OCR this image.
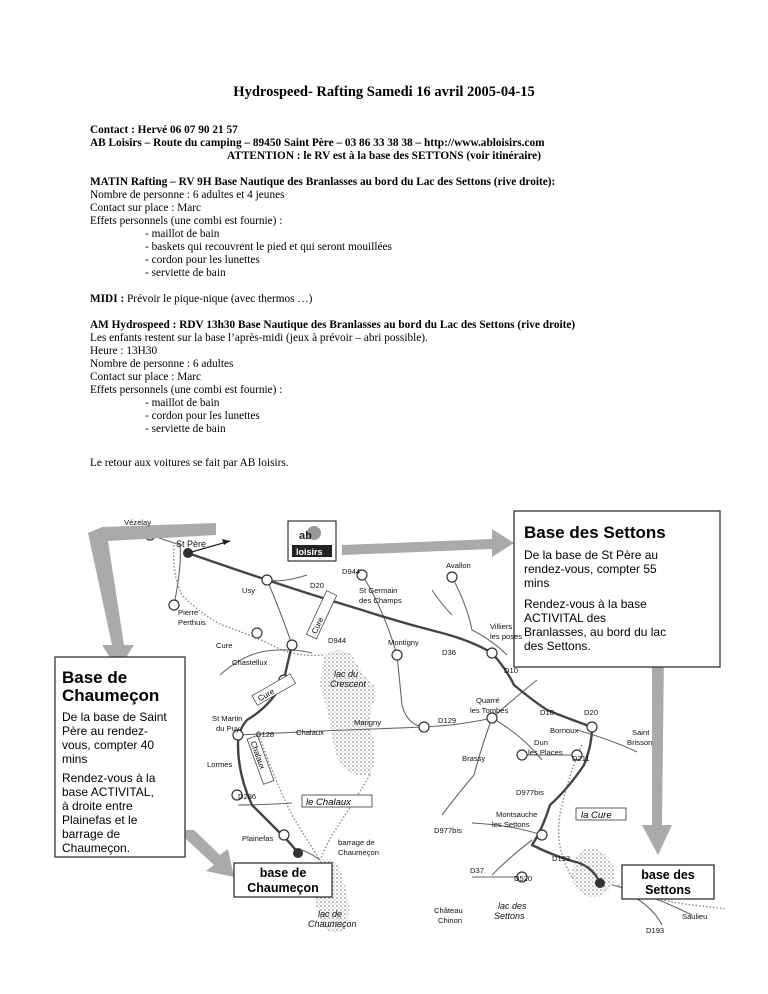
Hydrospeed- Rafting Samedi 16 avril 2005-04-15
Contact : Hervé 06 07 90 21 57
AB Loisirs – Route du camping – 89450 Saint Père – 03 86 33 38 38 – http://www.abloisirs.com
ATTENTION : le RV est à la base des SETTONS (voir itinéraire)
MATIN Rafting – RV 9H Base Nautique des Branlasses au bord du Lac des Settons (rive droite):
Nombre de personne : 6 adultes et 4 jeunes
Contact sur place : Marc
Effets personnels (une combi est fournie) :
- maillot de bain
- baskets qui recouvrent le pied et qui seront mouillées
- cordon pour les lunettes
- serviette de bain
MIDI : Prévoir le pique-nique (avec thermos …)
AM Hydrospeed : RDV 13h30 Base Nautique des Branlasses au bord du Lac des Settons (rive droite)
Les enfants restent sur la base l’après-midi (jeux à prévoir – abri possible).
Heure : 13H30
Nombre de personne : 6 adultes
Contact sur place : Marc
Effets personnels (une combi est fournie) :
- maillot de bain
- cordon pour les lunettes
- serviette de bain
Le retour aux voitures se fait par AB loisirs.
ab
loisirs
Base des Settons
De la base de St Père au
rendez-vous, compter 55
mins
Rendez-vous à la base
ACTIVITAL des
Branlasses, au bord du lac
des Settons.
Base de
Chaumeçon
De la base de Saint
Père au rendez-
vous, compter 40
mins
Rendez-vous à la
base ACTIVITAL,
à droite entre
Plainefas et le
barrage de
Chaumeçon.
base de
Chaumeçon
base des
Settons
le Chalaux
la Cure
Cure
Cure
Chalaux
Vézelay
St Père
D944
D20
Avallon
Usy	St Germain
des Champs
Pierre
Perthuis
Cure
Chastellux
D944	Montigny
Villiers
les poses
D36
D10
lac du
Crescent
Quarré
les Tombes	D10	D20
St Martin
du Puy
D128	Chalaux
Marigny	D129
Lormes
Brassy
Dun
les Places
D211
Bornoux	Saint
Brisson
D977bis
D236
Montsauche
les Settons
D977bis
Plainefas	barrage de
Chaumeçon
D193
D37
D520
Château
Chinon
lac des
Settons
lac de
Chaumeçon
Saulieu
D193
